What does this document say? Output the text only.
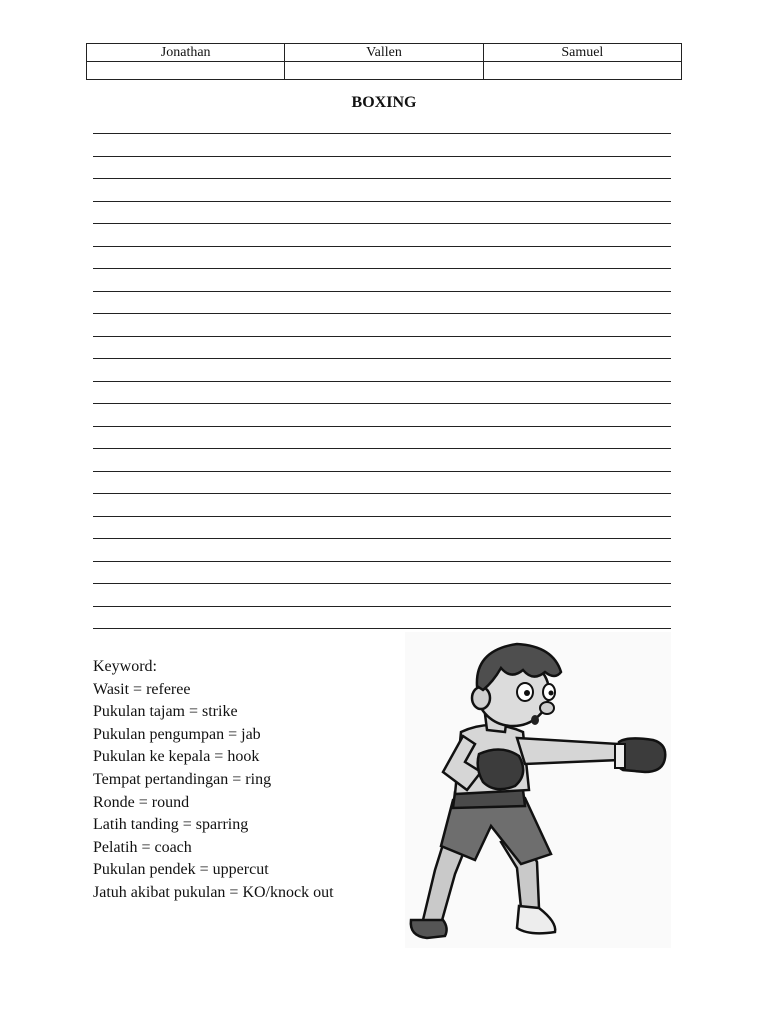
Jonathan	Vallen	Samuel

BOXING
Keyword:
Wasit = referee
Pukulan tajam = strike
Pukulan pengumpan = jab
Pukulan ke kepala = hook
Tempat pertandingan = ring
Ronde = round
Latih tanding = sparring
Pelatih = coach
Pukulan pendek = uppercut
Jatuh akibat pukulan = KO/knock out
